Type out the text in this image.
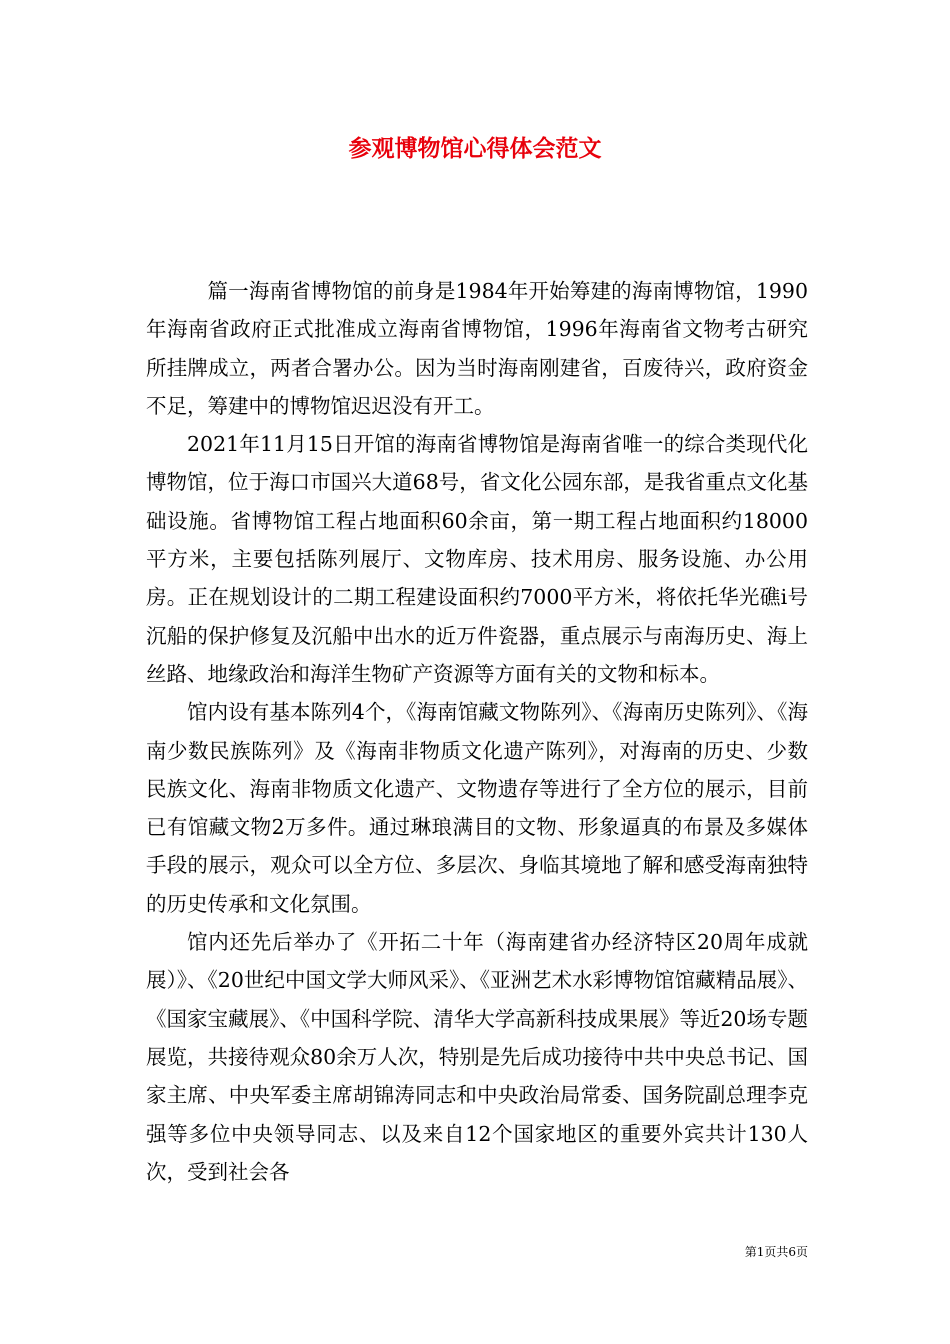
参观博物馆心得体会范文

篇一海南省博物馆的前身是1984年开始筹建的海南博物馆，1990年海南省政府正式批准成立海南省博物馆，1996年海南省文物考古研究所挂牌成立，两者合署办公。因为当时海南刚建省，百废待兴，政府资金不足，筹建中的博物馆迟迟没有开工。

2021年11月15日开馆的海南省博物馆是海南省唯一的综合类现代化博物馆，位于海口市国兴大道68号，省文化公园东部，是我省重点文化基础设施。省博物馆工程占地面积60余亩，第一期工程占地面积约18000平方米，主要包括陈列展厅、文物库房、技术用房、服务设施、办公用房。正在规划设计的二期工程建设面积约7000平方米，将依托华光礁ⅰ号沉船的保护修复及沉船中出水的近万件瓷器，重点展示与南海历史、海上丝路、地缘政治和海洋生物矿产资源等方面有关的文物和标本。

馆内设有基本陈列4个，《海南馆藏文物陈列》、《海南历史陈列》、《海南少数民族陈列》及《海南非物质文化遗产陈列》，对海南的历史、少数民族文化、海南非物质文化遗产、文物遗存等进行了全方位的展示，目前已有馆藏文物2万多件。通过琳琅满目的文物、形象逼真的布景及多媒体手段的展示，观众可以全方位、多层次、身临其境地了解和感受海南独特的历史传承和文化氛围。

馆内还先后举办了《开拓二十年（海南建省办经济特区20周年成就展）》、《20世纪中国文学大师风采》、《亚洲艺术水彩博物馆馆藏精品展》、《国家宝藏展》、《中国科学院、清华大学高新科技成果展》等近20场专题展览，共接待观众80余万人次，特别是先后成功接待中共中央总书记、国家主席、中央军委主席胡锦涛同志和中央政治局常委、国务院副总理李克强等多位中央领导同志、以及来自12个国家地区的重要外宾共计130人次，受到社会各

第1页共6页
